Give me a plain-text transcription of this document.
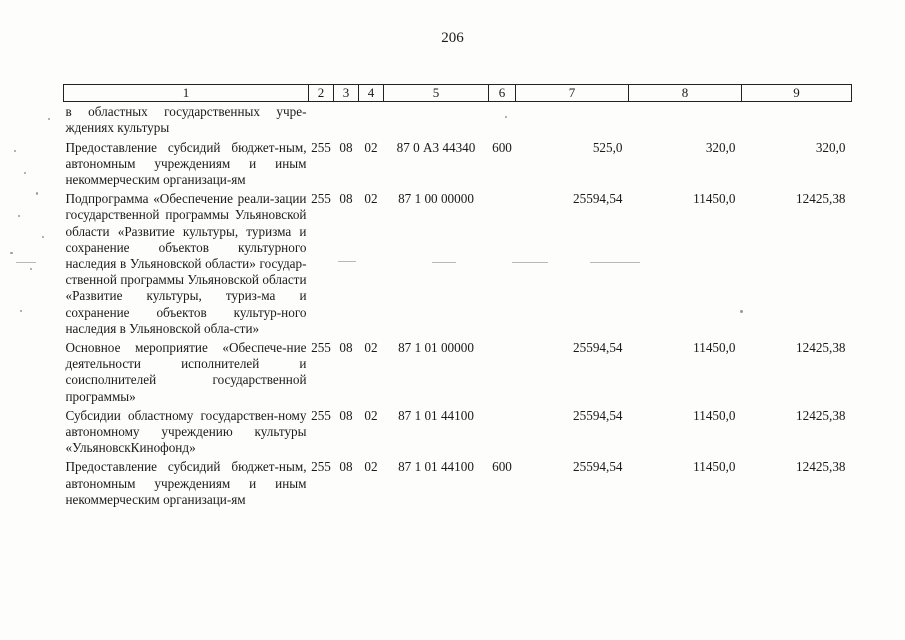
206
1	2	3	4	5	6	7	8	9
в областных государственных учре-ждениях культуры								
Предоставление субсидий бюджет-ным, автономным учреждениям и иным некоммерческим организаци-ям	255	08	02	87 0 А3 44340	600	525,0	320,0	320,0
Подпрограмма «Обеспечение реали-зации государственной программы Ульяновской области «Развитие культуры, туризма и сохранение объектов культурного наследия в Ульяновской области» государ-ственной программы Ульяновской области «Развитие культуры, туриз-ма и сохранение объектов культур-ного наследия в Ульяновской обла-сти»	255	08	02	87 1 00 00000		25594,54	11450,0	12425,38
Основное мероприятие «Обеспече-ние деятельности исполнителей и соисполнителей государственной программы»	255	08	02	87 1 01 00000		25594,54	11450,0	12425,38
Субсидии областному государствен-ному автономному учреждению культуры «УльяновскКинофонд»	255	08	02	87 1 01 44100		25594,54	11450,0	12425,38
Предоставление субсидий бюджет-ным, автономным учреждениям и иным некоммерческим организаци-ям	255	08	02	87 1 01 44100	600	25594,54	11450,0	12425,38
